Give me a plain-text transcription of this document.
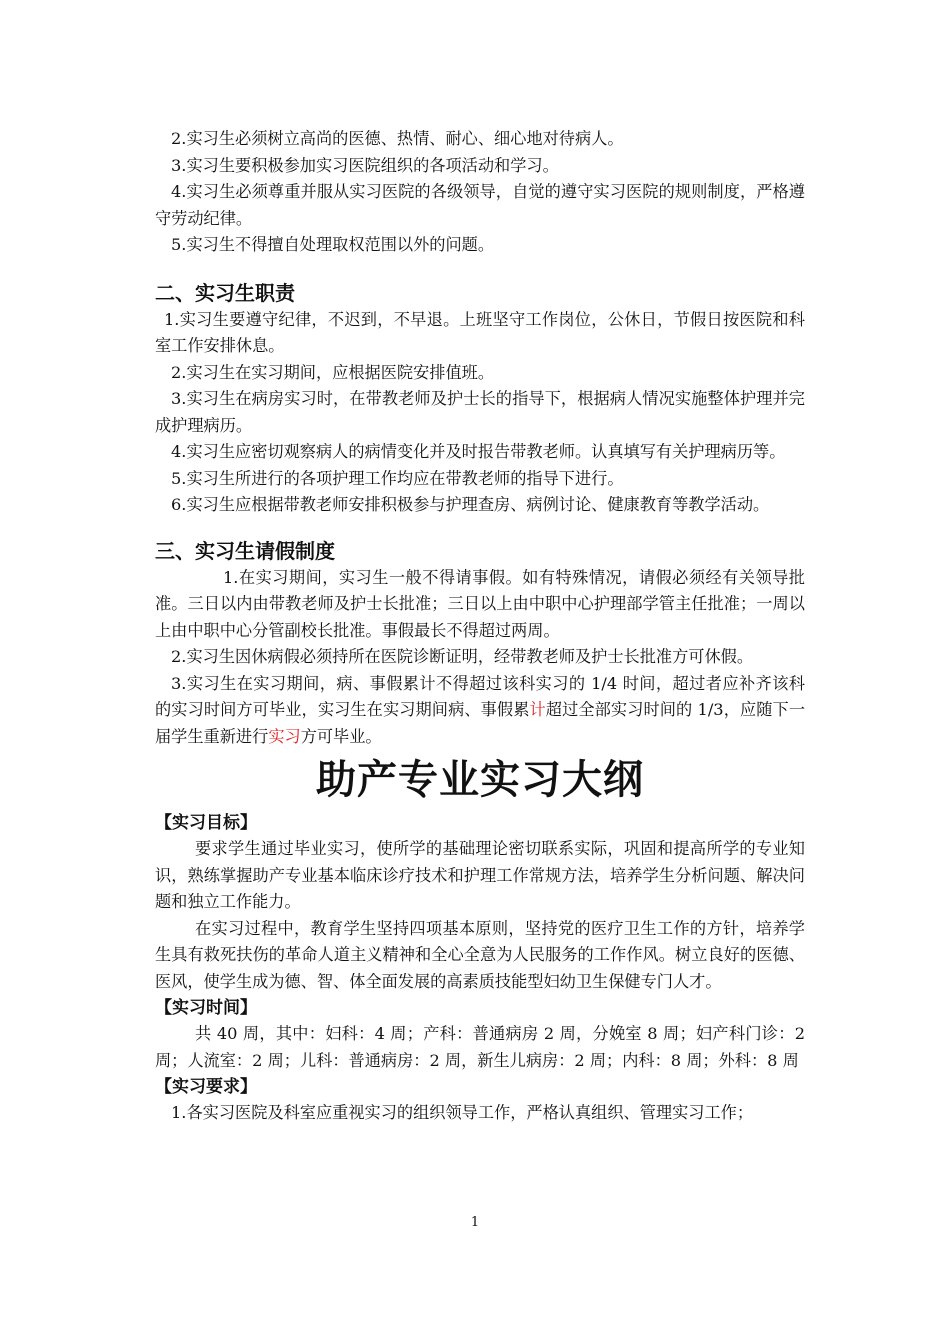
2.实习生必须树立高尚的医德、热情、耐心、细心地对待病人。

3.实习生要积极参加实习医院组织的各项活动和学习。

4.实习生必须尊重并服从实习医院的各级领导，自觉的遵守实习医院的规则制度，严格遵守劳动纪律。

5.实习生不得擅自处理取权范围以外的问题。

二、实习生职责

1.实习生要遵守纪律，不迟到，不早退。上班坚守工作岗位，公休日，节假日按医院和科室工作安排休息。

2.实习生在实习期间，应根据医院安排值班。

3.实习生在病房实习时，在带教老师及护士长的指导下，根据病人情况实施整体护理并完成护理病历。

4.实习生应密切观察病人的病情变化并及时报告带教老师。认真填写有关护理病历等。

5.实习生所进行的各项护理工作均应在带教老师的指导下进行。

6.实习生应根据带教老师安排积极参与护理查房、病例讨论、健康教育等教学活动。

三、实习生请假制度

1.在实习期间，实习生一般不得请事假。如有特殊情况，请假必须经有关领导批准。三日以内由带教老师及护士长批准；三日以上由中职中心护理部学管主任批准；一周以上由中职中心分管副校长批准。事假最长不得超过两周。

2.实习生因休病假必须持所在医院诊断证明，经带教老师及护士长批准方可休假。

3.实习生在实习期间，病、事假累计不得超过该科实习的 1/4 时间，超过者应补齐该科的实习时间方可毕业，实习生在实习期间病、事假累计超过全部实习时间的 1/3，应随下一届学生重新进行实习方可毕业。

助产专业实习大纲

【实习目标】

要求学生通过毕业实习，使所学的基础理论密切联系实际，巩固和提高所学的专业知识，熟练掌握助产专业基本临床诊疗技术和护理工作常规方法，培养学生分析问题、解决问题和独立工作能力。

在实习过程中，教育学生坚持四项基本原则，坚持党的医疗卫生工作的方针，培养学生具有救死扶伤的革命人道主义精神和全心全意为人民服务的工作作风。树立良好的医德、医风，使学生成为德、智、体全面发展的高素质技能型妇幼卫生保健专门人才。

【实习时间】

共 40 周，其中：妇科：4 周；产科：普通病房 2 周，分娩室 8 周；妇产科门诊：2 周；人流室：2 周；儿科：普通病房：2 周，新生儿病房：2 周；内科：8 周；外科：8 周

【实习要求】

1.各实习医院及科室应重视实习的组织领导工作，严格认真组织、管理实习工作；

1
